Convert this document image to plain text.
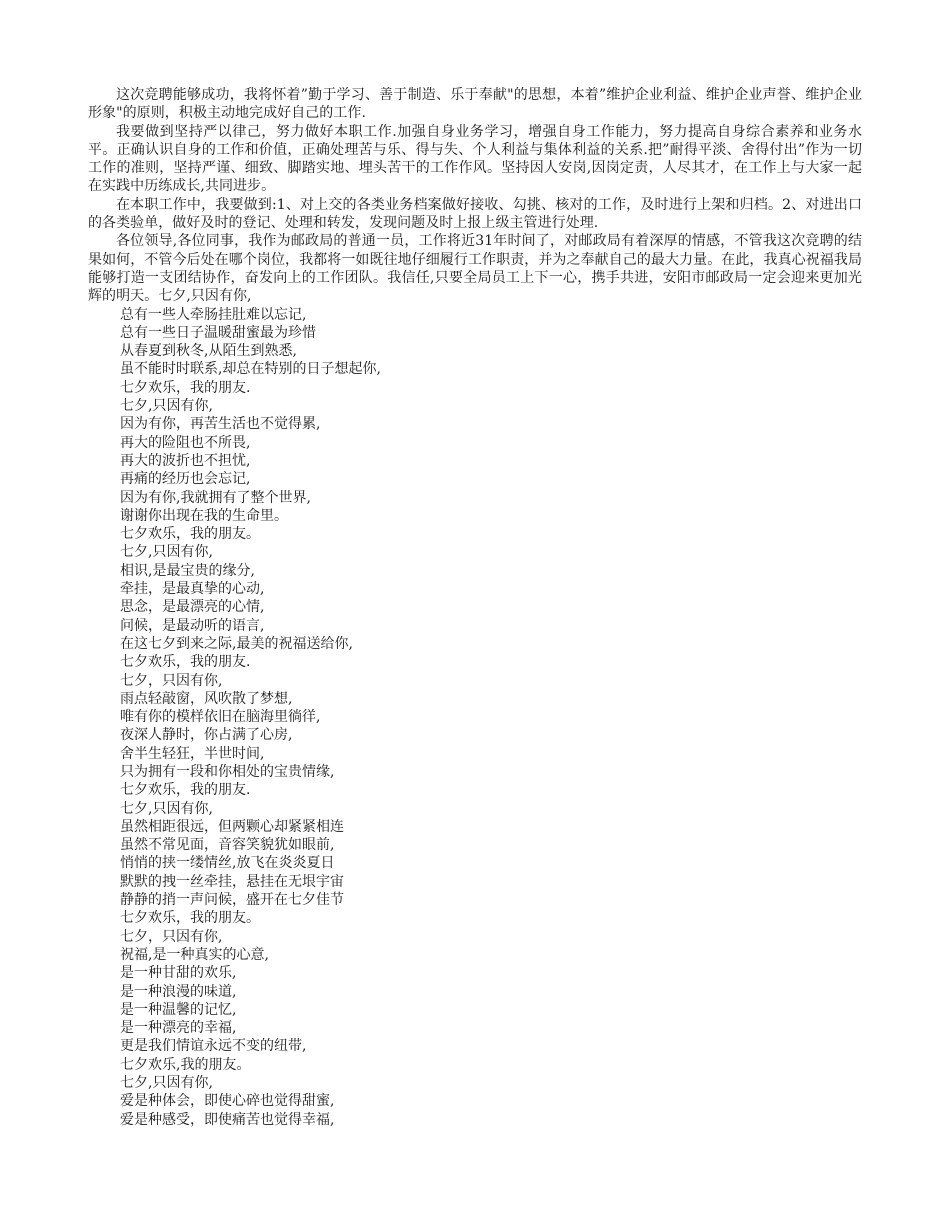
这次竞聘能够成功，我将怀着”勤于学习、善于制造、乐于奉献"的思想，本着”维护企业利益、维护企业声誉、维护企业形象"的原则，积极主动地完成好自己的工作.

我要做到坚持严以律己，努力做好本职工作.加强自身业务学习，增强自身工作能力，努力提高自身综合素养和业务水平。正确认识自身的工作和价值，正确处理苦与乐、得与失、个人利益与集体利益的关系.把”耐得平淡、舍得付出”作为一切工作的准则，坚持严谨、细致、脚踏实地、埋头苦干的工作作风。坚持因人安岗,因岗定责，人尽其才，在工作上与大家一起在实践中历练成长,共同进步。

在本职工作中，我要做到:1、对上交的各类业务档案做好接收、勾挑、核对的工作，及时进行上架和归档。2、对进出口的各类验单，做好及时的登记、处理和转发，发现问题及时上报上级主管进行处理.

各位领导,各位同事，我作为邮政局的普通一员，工作将近31年时间了，对邮政局有着深厚的情感，不管我这次竞聘的结果如何，不管今后处在哪个岗位，我都将一如既往地仔细履行工作职责，并为之奉献自己的最大力量。在此，我真心祝福我局能够打造一支团结协作，奋发向上的工作团队。我信任,只要全局员工上下一心，携手共进，安阳市邮政局一定会迎来更加光辉的明天。七夕,只因有你,

总有一些人牵肠挂肚难以忘记,
总有一些日子温暖甜蜜最为珍惜
从春夏到秋冬,从陌生到熟悉,
虽不能时时联系,却总在特别的日子想起你,
七夕欢乐，我的朋友.
七夕,只因有你,
因为有你，再苦生活也不觉得累,
再大的险阻也不所畏,
再大的波折也不担忧,
再痛的经历也会忘记,
因为有你,我就拥有了整个世界,
谢谢你出现在我的生命里。
七夕欢乐，我的朋友。
七夕,只因有你,
相识,是最宝贵的缘分,
牵挂，是最真挚的心动,
思念，是最漂亮的心情,
问候，是最动听的语言,
在这七夕到来之际,最美的祝福送给你,
七夕欢乐，我的朋友.
七夕，只因有你,
雨点轻敲窗，风吹散了梦想,
唯有你的模样依旧在脑海里徜徉,
夜深人静时，你占满了心房,
舍半生轻狂，半世时间,
只为拥有一段和你相处的宝贵情缘,
七夕欢乐，我的朋友.
七夕,只因有你,
虽然相距很远，但两颗心却紧紧相连
虽然不常见面，音容笑貌犹如眼前,
悄悄的挟一缕情丝,放飞在炎炎夏日
默默的拽一丝牵挂，悬挂在无垠宇宙
静静的捎一声问候，盛开在七夕佳节
七夕欢乐，我的朋友。
七夕，只因有你,
祝福,是一种真实的心意,
是一种甘甜的欢乐,
是一种浪漫的味道,
是一种温馨的记忆,
是一种漂亮的幸福,
更是我们情谊永远不变的纽带,
七夕欢乐,我的朋友。
七夕,只因有你,
爱是种体会，即使心碎也觉得甜蜜,
爱是种感受，即使痛苦也觉得幸福,
